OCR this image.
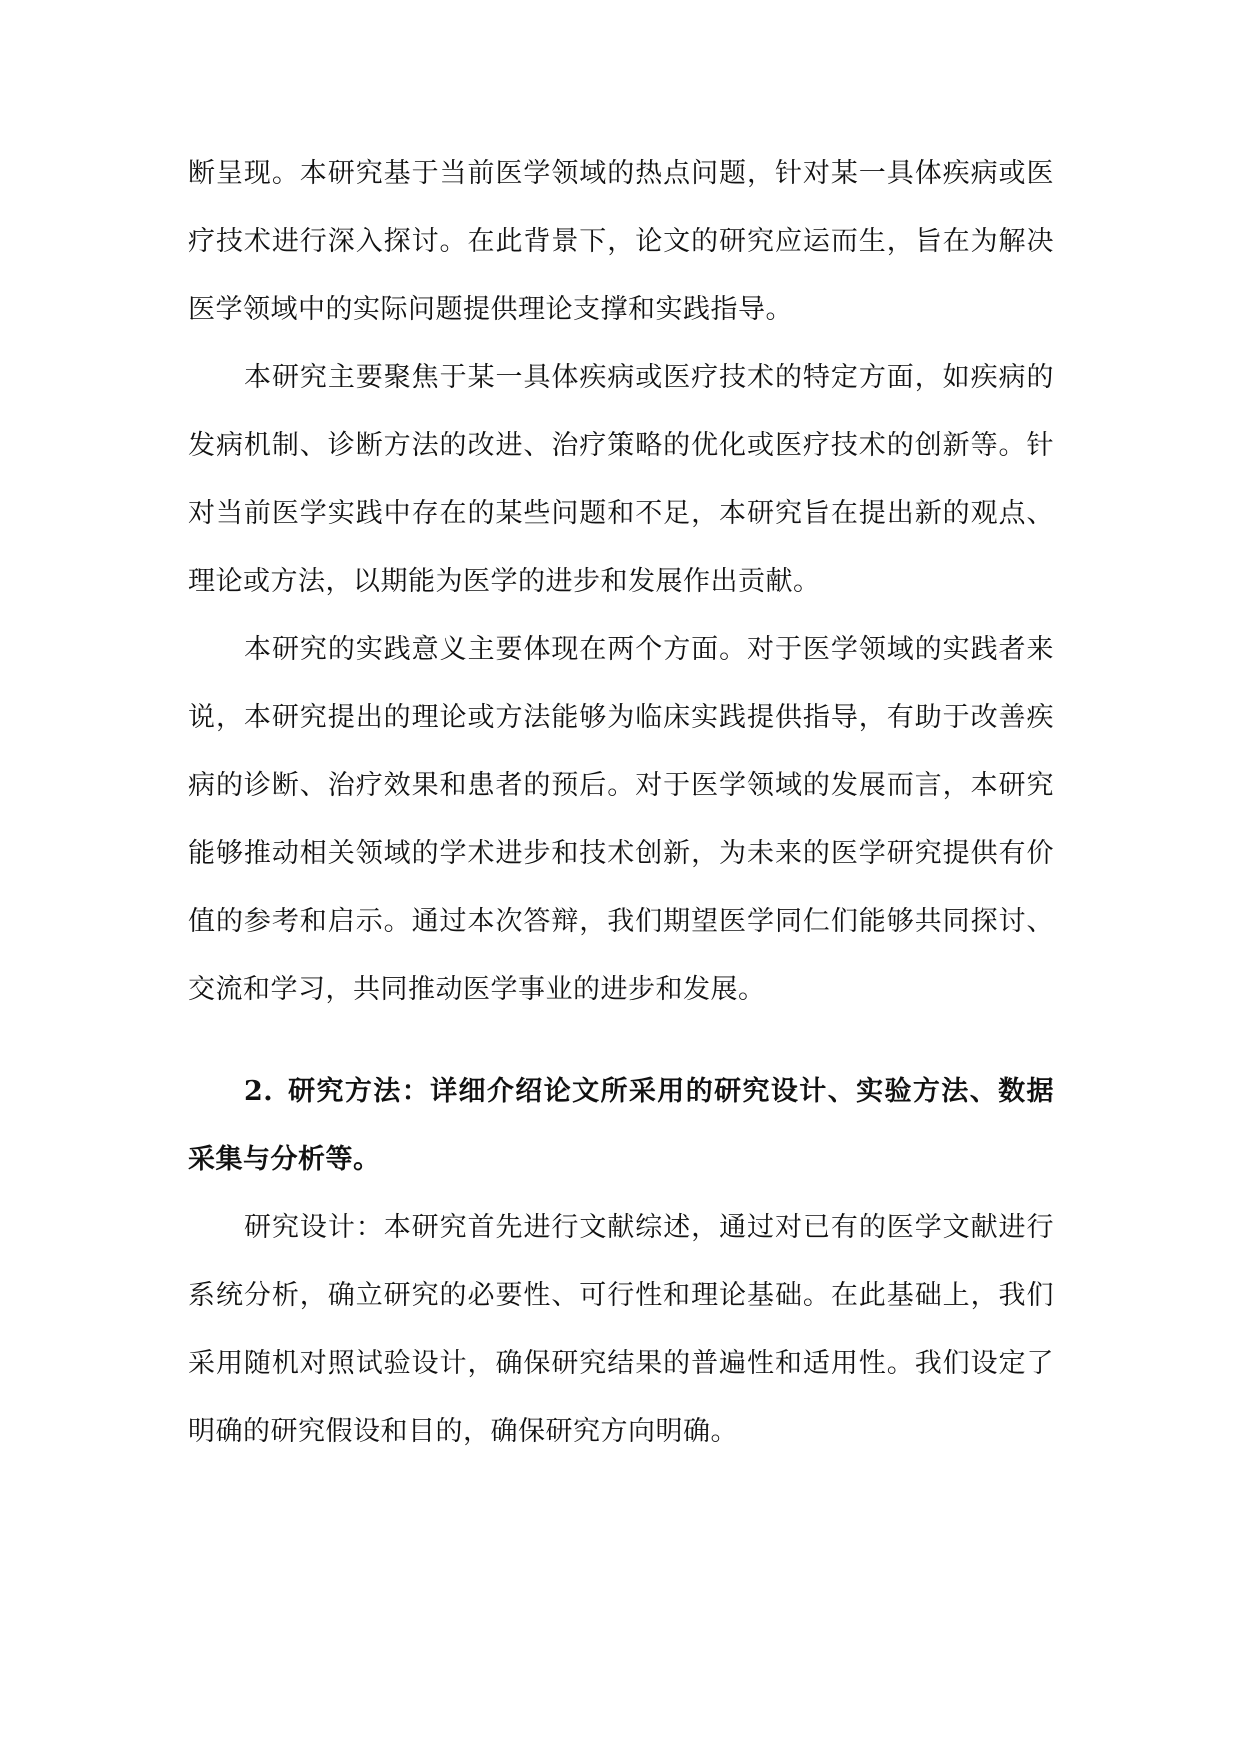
断呈现。本研究基于当前医学领域的热点问题，针对某一具体疾病或医疗技术进行深入探讨。在此背景下，论文的研究应运而生，旨在为解决医学领域中的实际问题提供理论支撑和实践指导。

本研究主要聚焦于某一具体疾病或医疗技术的特定方面，如疾病的发病机制、诊断方法的改进、治疗策略的优化或医疗技术的创新等。针对当前医学实践中存在的某些问题和不足，本研究旨在提出新的观点、理论或方法，以期能为医学的进步和发展作出贡献。

本研究的实践意义主要体现在两个方面。对于医学领域的实践者来说，本研究提出的理论或方法能够为临床实践提供指导，有助于改善疾病的诊断、治疗效果和患者的预后。对于医学领域的发展而言，本研究能够推动相关领域的学术进步和技术创新，为未来的医学研究提供有价值的参考和启示。通过本次答辩，我们期望医学同仁们能够共同探讨、交流和学习，共同推动医学事业的进步和发展。

2. 研究方法：详细介绍论文所采用的研究设计、实验方法、数据采集与分析等。

研究设计：本研究首先进行文献综述，通过对已有的医学文献进行系统分析，确立研究的必要性、可行性和理论基础。在此基础上，我们采用随机对照试验设计，确保研究结果的普遍性和适用性。我们设定了明确的研究假设和目的，确保研究方向明确。
